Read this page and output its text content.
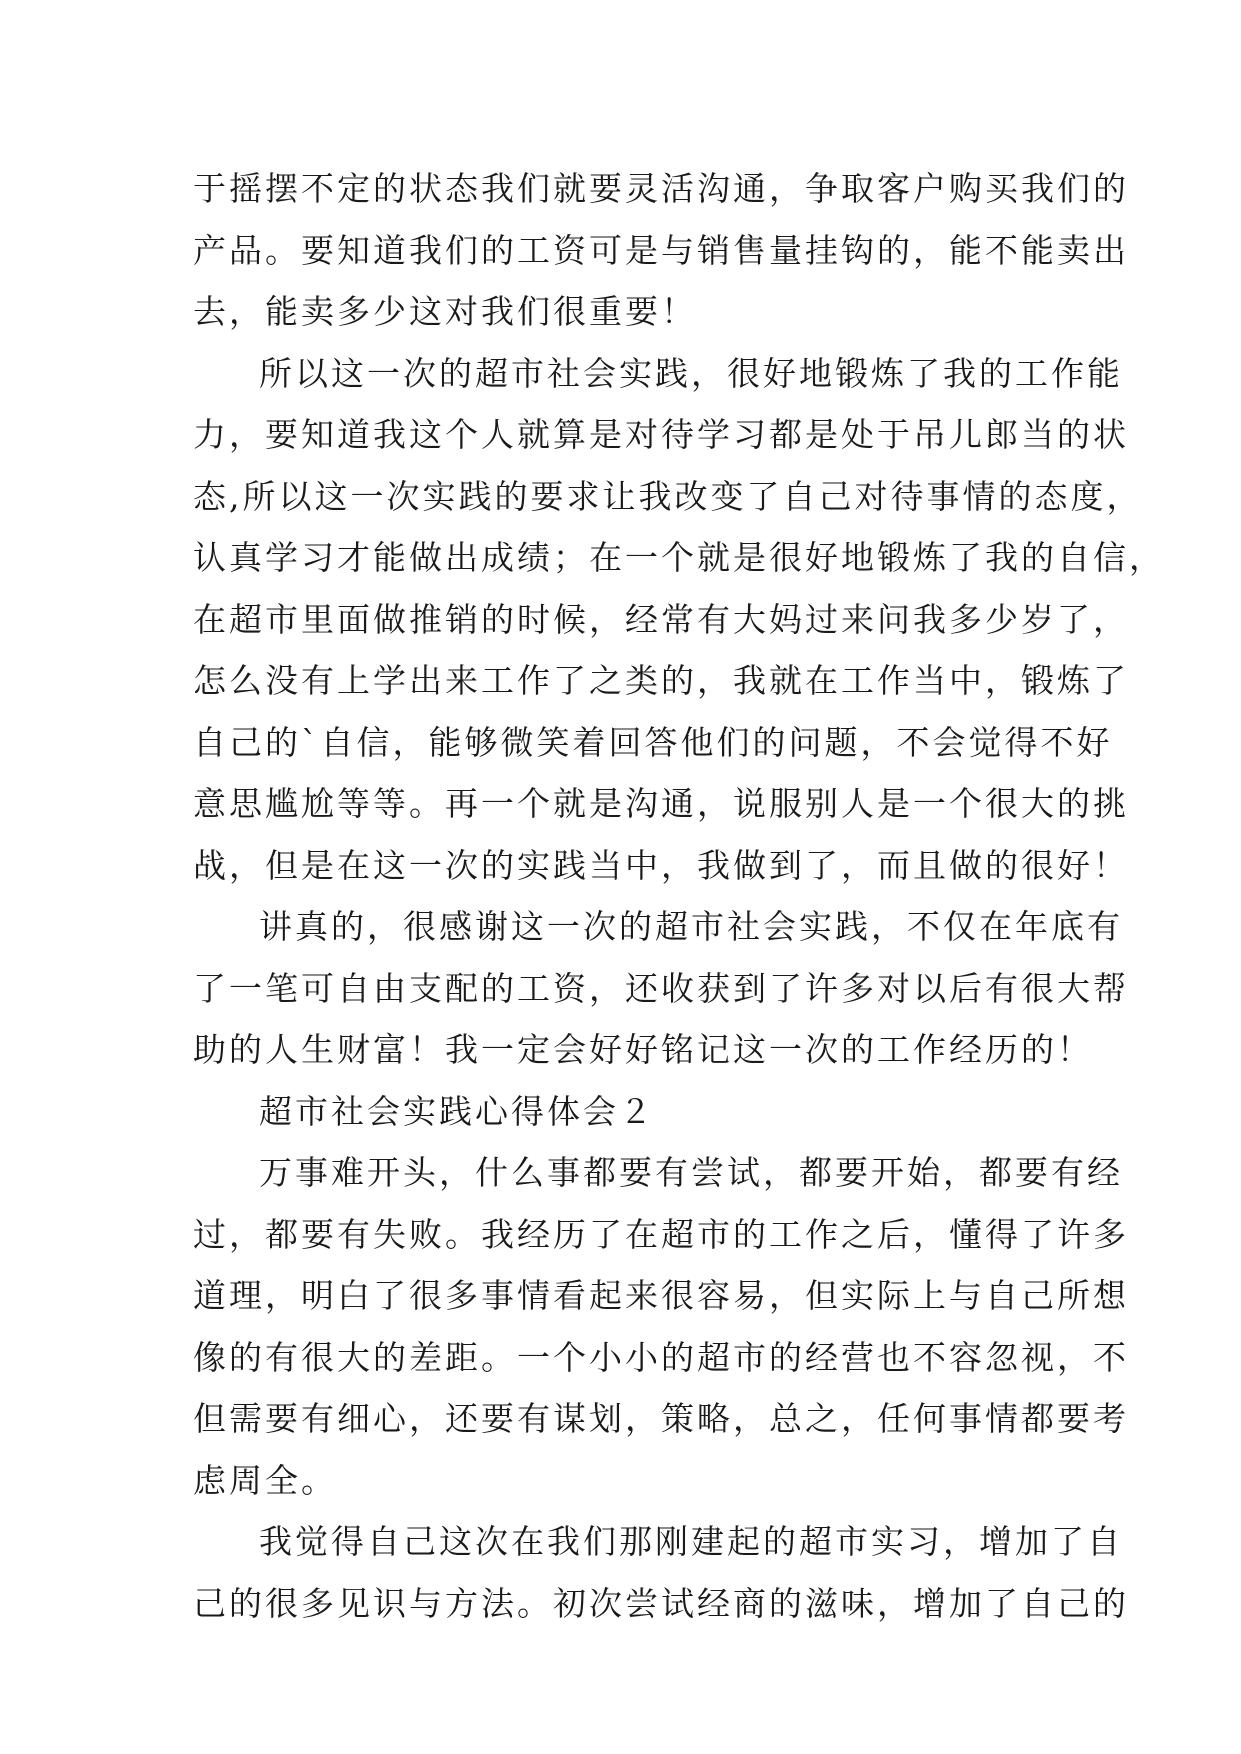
于摇摆不定的状态我们就要灵活沟通，争取客户购买我们的
产品。要知道我们的工资可是与销售量挂钩的，能不能卖出
去，能卖多少这对我们很重要！
所以这一次的超市社会实践，很好地锻炼了我的工作能
力，要知道我这个人就算是对待学习都是处于吊儿郎当的状
态,所以这一次实践的要求让我改变了自己对待事情的态度，
认真学习才能做出成绩；在一个就是很好地锻炼了我的自信，
在超市里面做推销的时候，经常有大妈过来问我多少岁了，
怎么没有上学出来工作了之类的，我就在工作当中，锻炼了
自己的`自信，能够微笑着回答他们的问题，不会觉得不好
意思尴尬等等。再一个就是沟通，说服别人是一个很大的挑
战，但是在这一次的实践当中，我做到了，而且做的很好！
讲真的，很感谢这一次的超市社会实践，不仅在年底有
了一笔可自由支配的工资，还收获到了许多对以后有很大帮
助的人生财富！我一定会好好铭记这一次的工作经历的！
超市社会实践心得体会２
万事难开头，什么事都要有尝试，都要开始，都要有经
过，都要有失败。我经历了在超市的工作之后，懂得了许多
道理，明白了很多事情看起来很容易，但实际上与自己所想
像的有很大的差距。一个小小的超市的经营也不容忽视，不
但需要有细心，还要有谋划，策略，总之，任何事情都要考
虑周全。
我觉得自己这次在我们那刚建起的超市实习，增加了自
己的很多见识与方法。初次尝试经商的滋味，增加了自己的
